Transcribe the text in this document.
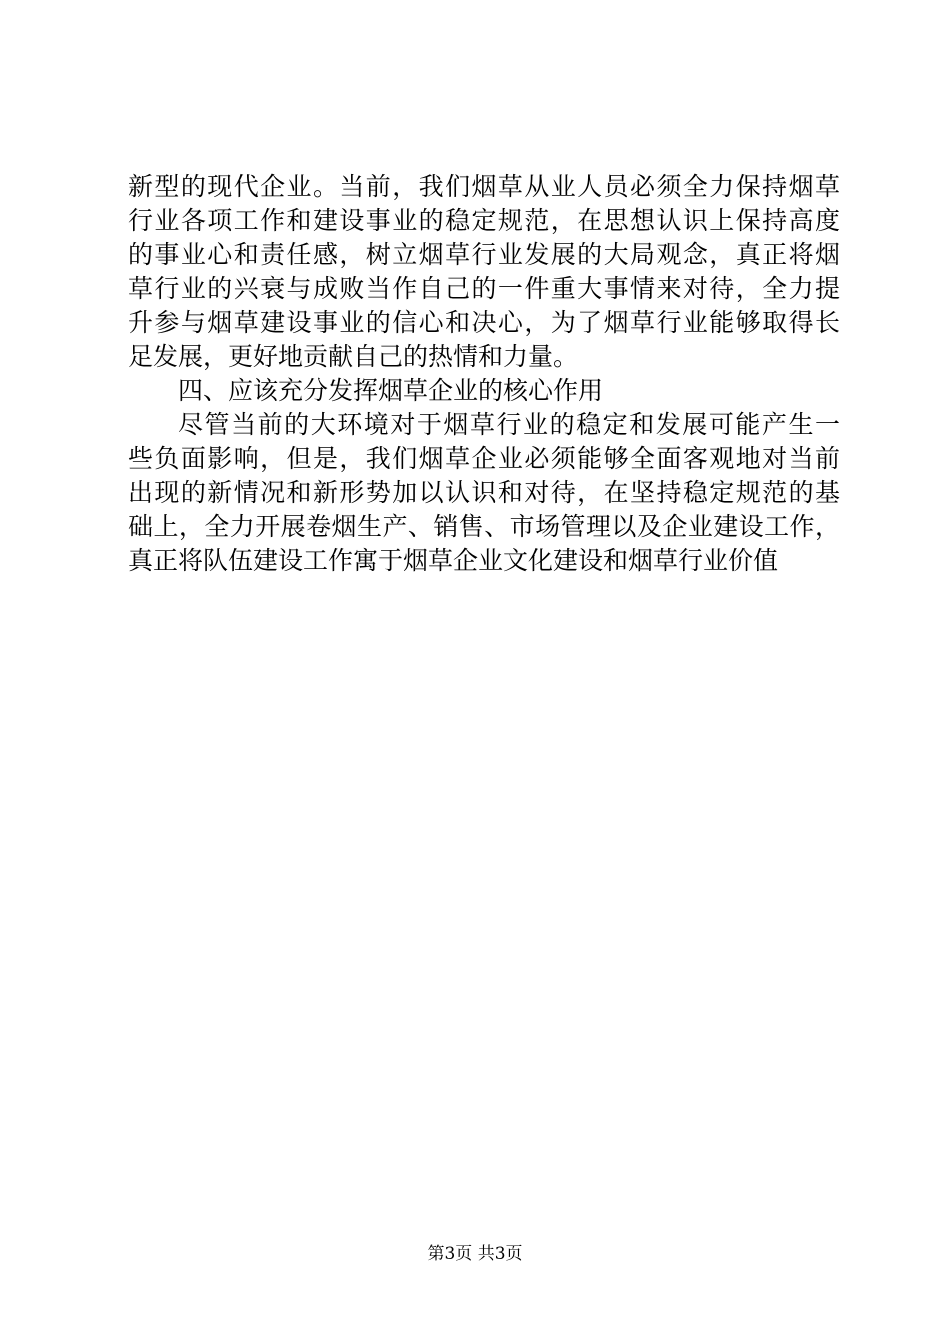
新型的现代企业。当前，我们烟草从业人员必须全力保持烟草
行业各项工作和建设事业的稳定规范，在思想认识上保持高度
的事业心和责任感，树立烟草行业发展的大局观念，真正将烟
草行业的兴衰与成败当作自己的一件重大事情来对待，全力提
升参与烟草建设事业的信心和决心，为了烟草行业能够取得长
足发展，更好地贡献自己的热情和力量。
四、应该充分发挥烟草企业的核心作用
尽管当前的大环境对于烟草行业的稳定和发展可能产生一
些负面影响，但是，我们烟草企业必须能够全面客观地对当前
出现的新情况和新形势加以认识和对待，在坚持稳定规范的基
础上，全力开展卷烟生产、销售、市场管理以及企业建设工作，
真正将队伍建设工作寓于烟草企业文化建设和烟草行业价值
第3页 共3页
